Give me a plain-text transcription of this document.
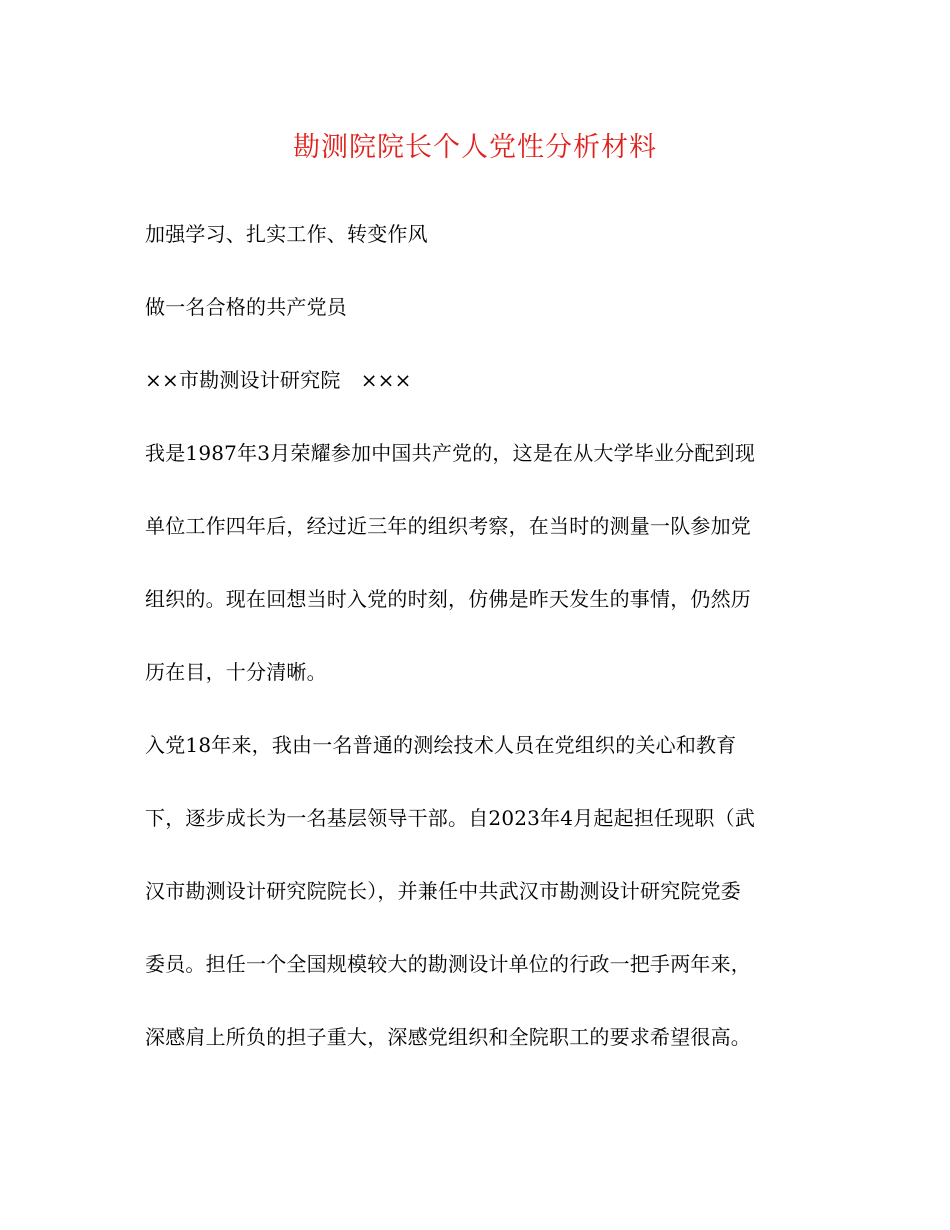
勘测院院长个人党性分析材料
加强学习、扎实工作、转变作风
做一名合格的共产党员
××市勘测设计研究院　×××
我是1987年3月荣耀参加中国共产党的，这是在从大学毕业分配到现
单位工作四年后，经过近三年的组织考察，在当时的测量一队参加党
组织的。现在回想当时入党的时刻，仿佛是昨天发生的事情，仍然历
历在目，十分清晰。
入党18年来，我由一名普通的测绘技术人员在党组织的关心和教育
下，逐步成长为一名基层领导干部。自2023年4月起起担任现职（武
汉市勘测设计研究院院长），并兼任中共武汉市勘测设计研究院党委
委员。担任一个全国规模较大的勘测设计单位的行政一把手两年来，
深感肩上所负的担子重大，深感党组织和全院职工的要求希望很高。
